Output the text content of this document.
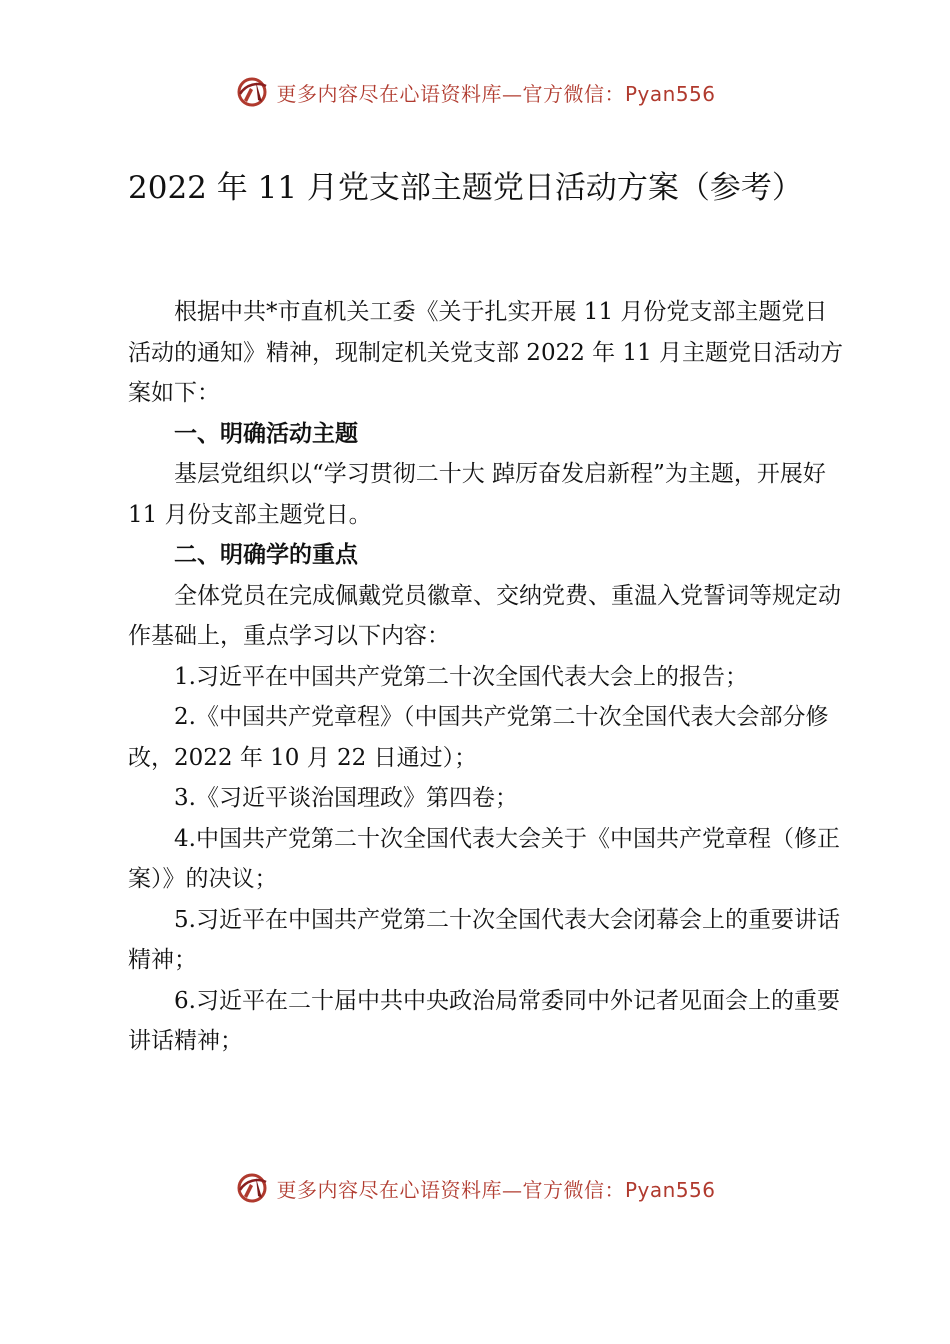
更多内容尽在心语资料库—官方微信：Pyan556
2022 年 11 月党支部主题党日活动方案（参考）

根据中共*市直机关工委《关于扎实开展 11 月份党支部主题党日活动的通知》精神，现制定机关党支部 2022 年 11 月主题党日活动方案如下：

一、明确活动主题

基层党组织以“学习贯彻二十大 踔厉奋发启新程”为主题，开展好 11 月份支部主题党日。

二、明确学的重点

全体党员在完成佩戴党员徽章、交纳党费、重温入党誓词等规定动作基础上，重点学习以下内容：

1.习近平在中国共产党第二十次全国代表大会上的报告；

2.《中国共产党章程》（中国共产党第二十次全国代表大会部分修改，2022 年 10 月 22 日通过）；

3.《习近平谈治国理政》第四卷；

4.中国共产党第二十次全国代表大会关于《中国共产党章程（修正案）》的决议；

5.习近平在中国共产党第二十次全国代表大会闭幕会上的重要讲话精神；

6.习近平在二十届中共中央政治局常委同中外记者见面会上的重要讲话精神；

更多内容尽在心语资料库—官方微信：Pyan556
